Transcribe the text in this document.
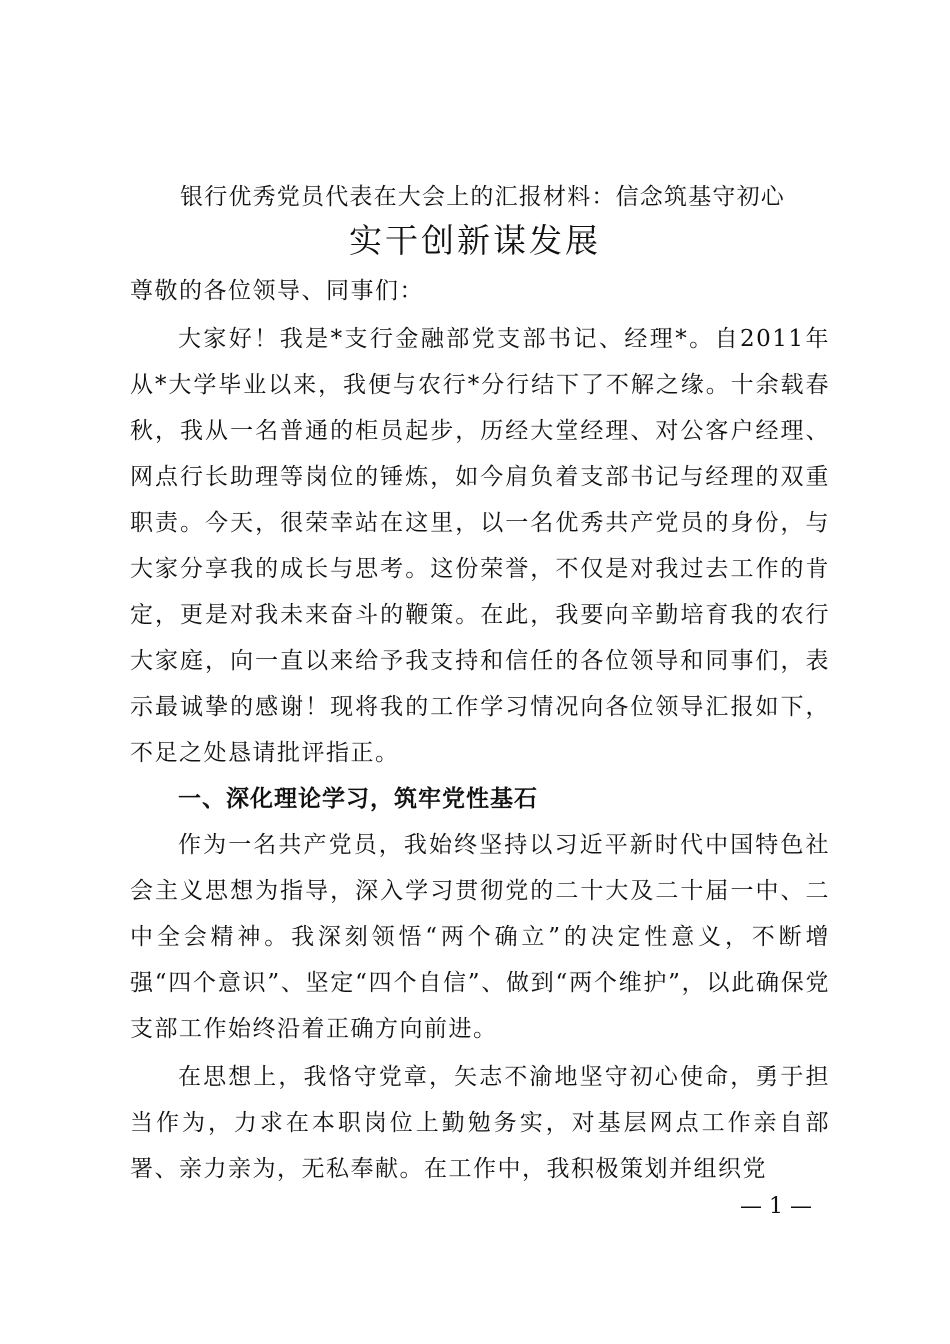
银行优秀党员代表在大会上的汇报材料：信念筑基守初心
实干创新谋发展
尊敬的各位领导、同事们：
大家好！我是*支行金融部党支部书记、经理*。自2011年从*大学毕业以来，我便与农行*分行结下了不解之缘。十余载春秋，我从一名普通的柜员起步，历经大堂经理、对公客户经理、网点行长助理等岗位的锤炼，如今肩负着支部书记与经理的双重职责。今天，很荣幸站在这里，以一名优秀共产党员的身份，与大家分享我的成长与思考。这份荣誉，不仅是对我过去工作的肯定，更是对我未来奋斗的鞭策。在此，我要向辛勤培育我的农行大家庭，向一直以来给予我支持和信任的各位领导和同事们，表示最诚挚的感谢！现将我的工作学习情况向各位领导汇报如下，不足之处恳请批评指正。
一、深化理论学习，筑牢党性基石
作为一名共产党员，我始终坚持以习近平新时代中国特色社会主义思想为指导，深入学习贯彻党的二十大及二十届一中、二中全会精神。我深刻领悟“两个确立”的决定性意义，不断增强“四个意识”、坚定“四个自信”、做到“两个维护”，以此确保党支部工作始终沿着正确方向前进。
在思想上，我恪守党章，矢志不渝地坚守初心使命，勇于担当作为，力求在本职岗位上勤勉务实，对基层网点工作亲自部署、亲力亲为，无私奉献。在工作中，我积极策划并组织党
— 1 —
